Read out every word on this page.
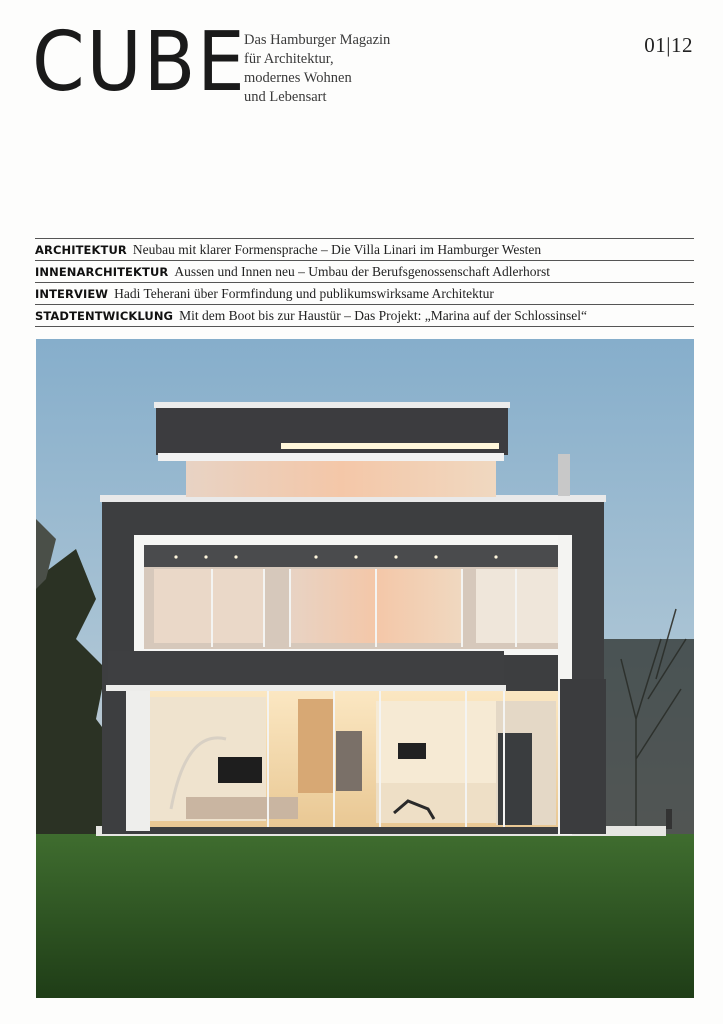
CUBE
Das Hamburger Magazin
für Architektur,
modernes Wohnen
und Lebensart
01|12
ARCHITEKTUR Neubau mit klarer Formensprache – Die Villa Linari im Hamburger Westen
INNENARCHITEKTUR Aussen und Innen neu – Umbau der Berufsgenossenschaft Adlerhorst
INTERVIEW Hadi Teherani über Formfindung und publikumswirksame Architektur
STADTENTWICKLUNG Mit dem Boot bis zur Haustür – Das Projekt: „Marina auf der Schlossinsel“
